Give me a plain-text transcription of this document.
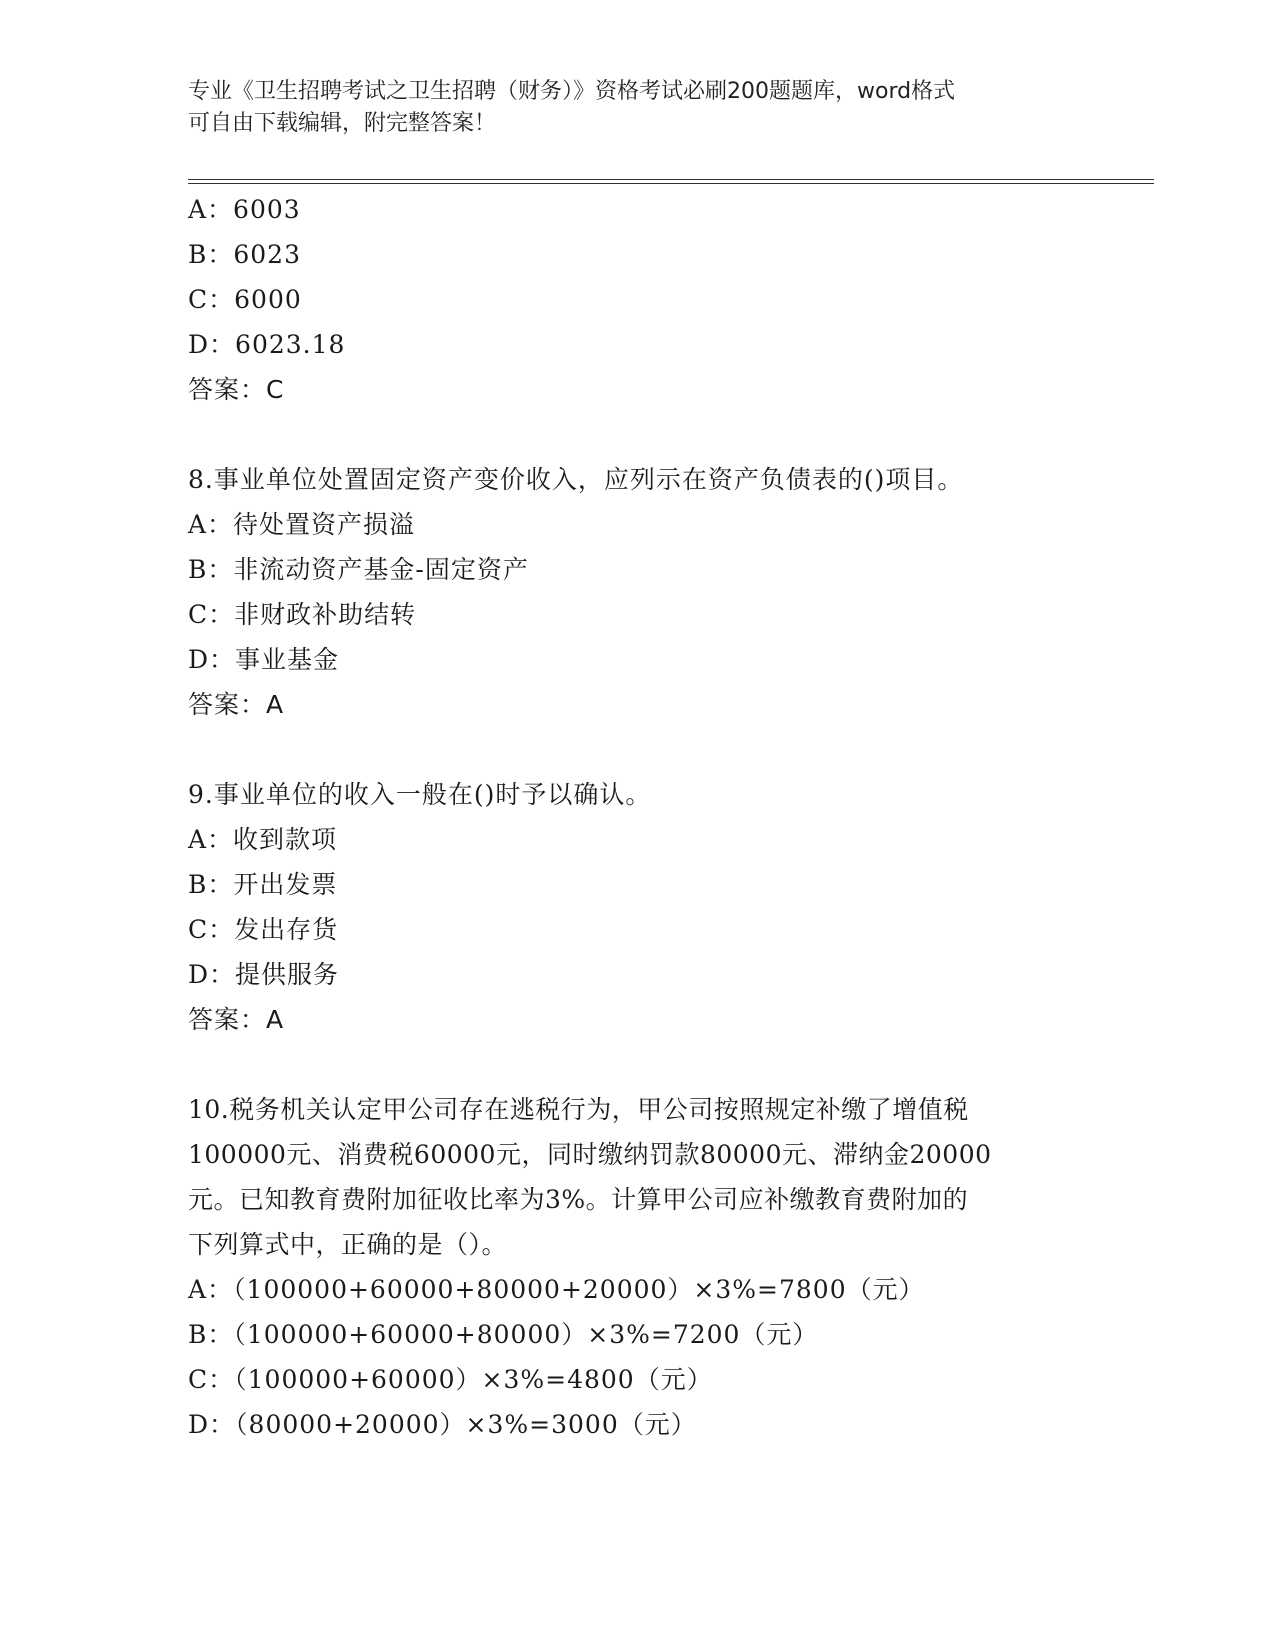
专业《卫生招聘考试之卫生招聘（财务）》资格考试必刷200题题库，word格式
可自由下载编辑，附完整答案！
A：6003
B：6023
C：6000
D：6023.18
答案：C
8.事业单位处置固定资产变价收入，应列示在资产负债表的()项目。
A：待处置资产损溢
B：非流动资产基金-固定资产
C：非财政补助结转
D：事业基金
答案：A
9.事业单位的收入一般在()时予以确认。
A：收到款项
B：开出发票
C：发出存货
D：提供服务
答案：A
10.税务机关认定甲公司存在逃税行为，甲公司按照规定补缴了增值税
100000元、消费税60000元，同时缴纳罚款80000元、滞纳金20000
元。已知教育费附加征收比率为3%。计算甲公司应补缴教育费附加的
下列算式中，正确的是（）。
A：（100000+60000+80000+20000）×3%=7800（元）
B：（100000+60000+80000）×3%=7200（元）
C：（100000+60000）×3%=4800（元）
D：（80000+20000）×3%=3000（元）
